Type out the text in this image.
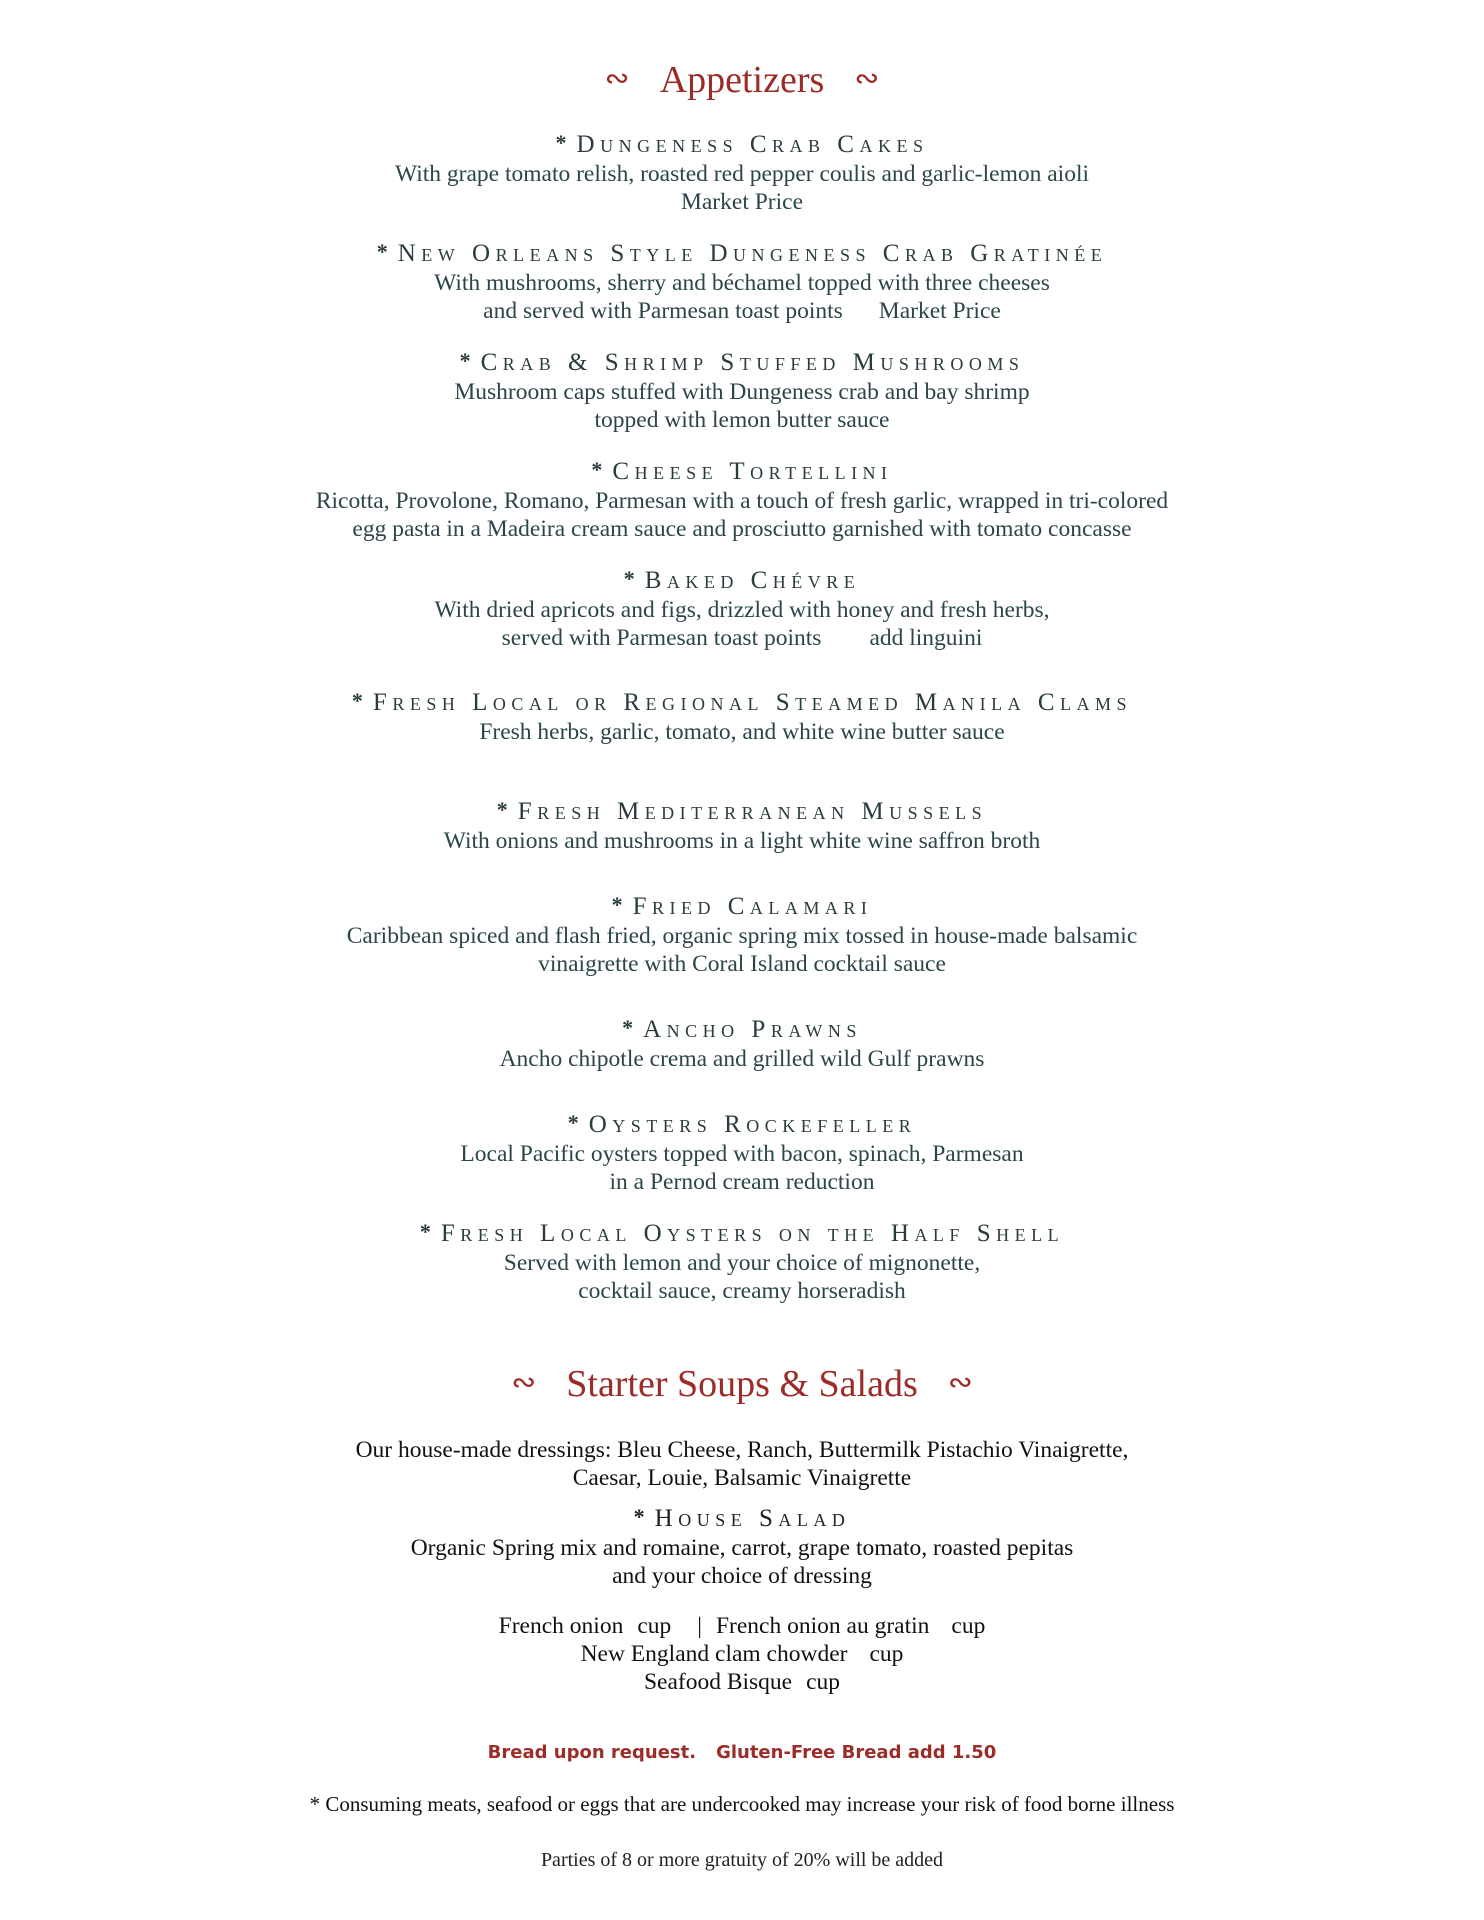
∾ Appetizers ∾
* Dungeness Crab Cakes
With grape tomato relish, roasted red pepper coulis and garlic-lemon aioli
Market Price
* New Orleans Style Dungeness Crab Gratinée
With mushrooms, sherry and béchamel topped with three cheeses
and served with Parmesan toast points Market Price
* Crab & Shrimp Stuffed Mushrooms
Mushroom caps stuffed with Dungeness crab and bay shrimp
topped with lemon butter sauce
* Cheese Tortellini
Ricotta, Provolone, Romano, Parmesan with a touch of fresh garlic, wrapped in tri-colored
egg pasta in a Madeira cream sauce and prosciutto garnished with tomato concasse
* Baked Chévre
With dried apricots and figs, drizzled with honey and fresh herbs,
served with Parmesan toast points add linguini
* Fresh Local or Regional Steamed Manila Clams
Fresh herbs, garlic, tomato, and white wine butter sauce
* Fresh Mediterranean Mussels
With onions and mushrooms in a light white wine saffron broth
* Fried Calamari
Caribbean spiced and flash fried, organic spring mix tossed in house-made balsamic
vinaigrette with Coral Island cocktail sauce
* Ancho Prawns
Ancho chipotle crema and grilled wild Gulf prawns
* Oysters Rockefeller
Local Pacific oysters topped with bacon, spinach, Parmesan
in a Pernod cream reduction
* Fresh Local Oysters on the Half Shell
Served with lemon and your choice of mignonette,
cocktail sauce, creamy horseradish
∾ Starter Soups & Salads ∾
Our house-made dressings: Bleu Cheese, Ranch, Buttermilk Pistachio Vinaigrette,
Caesar, Louie, Balsamic Vinaigrette
* House Salad
Organic Spring mix and romaine, carrot, grape tomato, roasted pepitas
and your choice of dressing
French onion cup | French onion au gratin cup
New England clam chowder cup
Seafood Bisque cup
Bread upon request. Gluten-Free Bread add 1.50
* Consuming meats, seafood or eggs that are undercooked may increase your risk of food borne illness
Parties of 8 or more gratuity of 20% will be added
